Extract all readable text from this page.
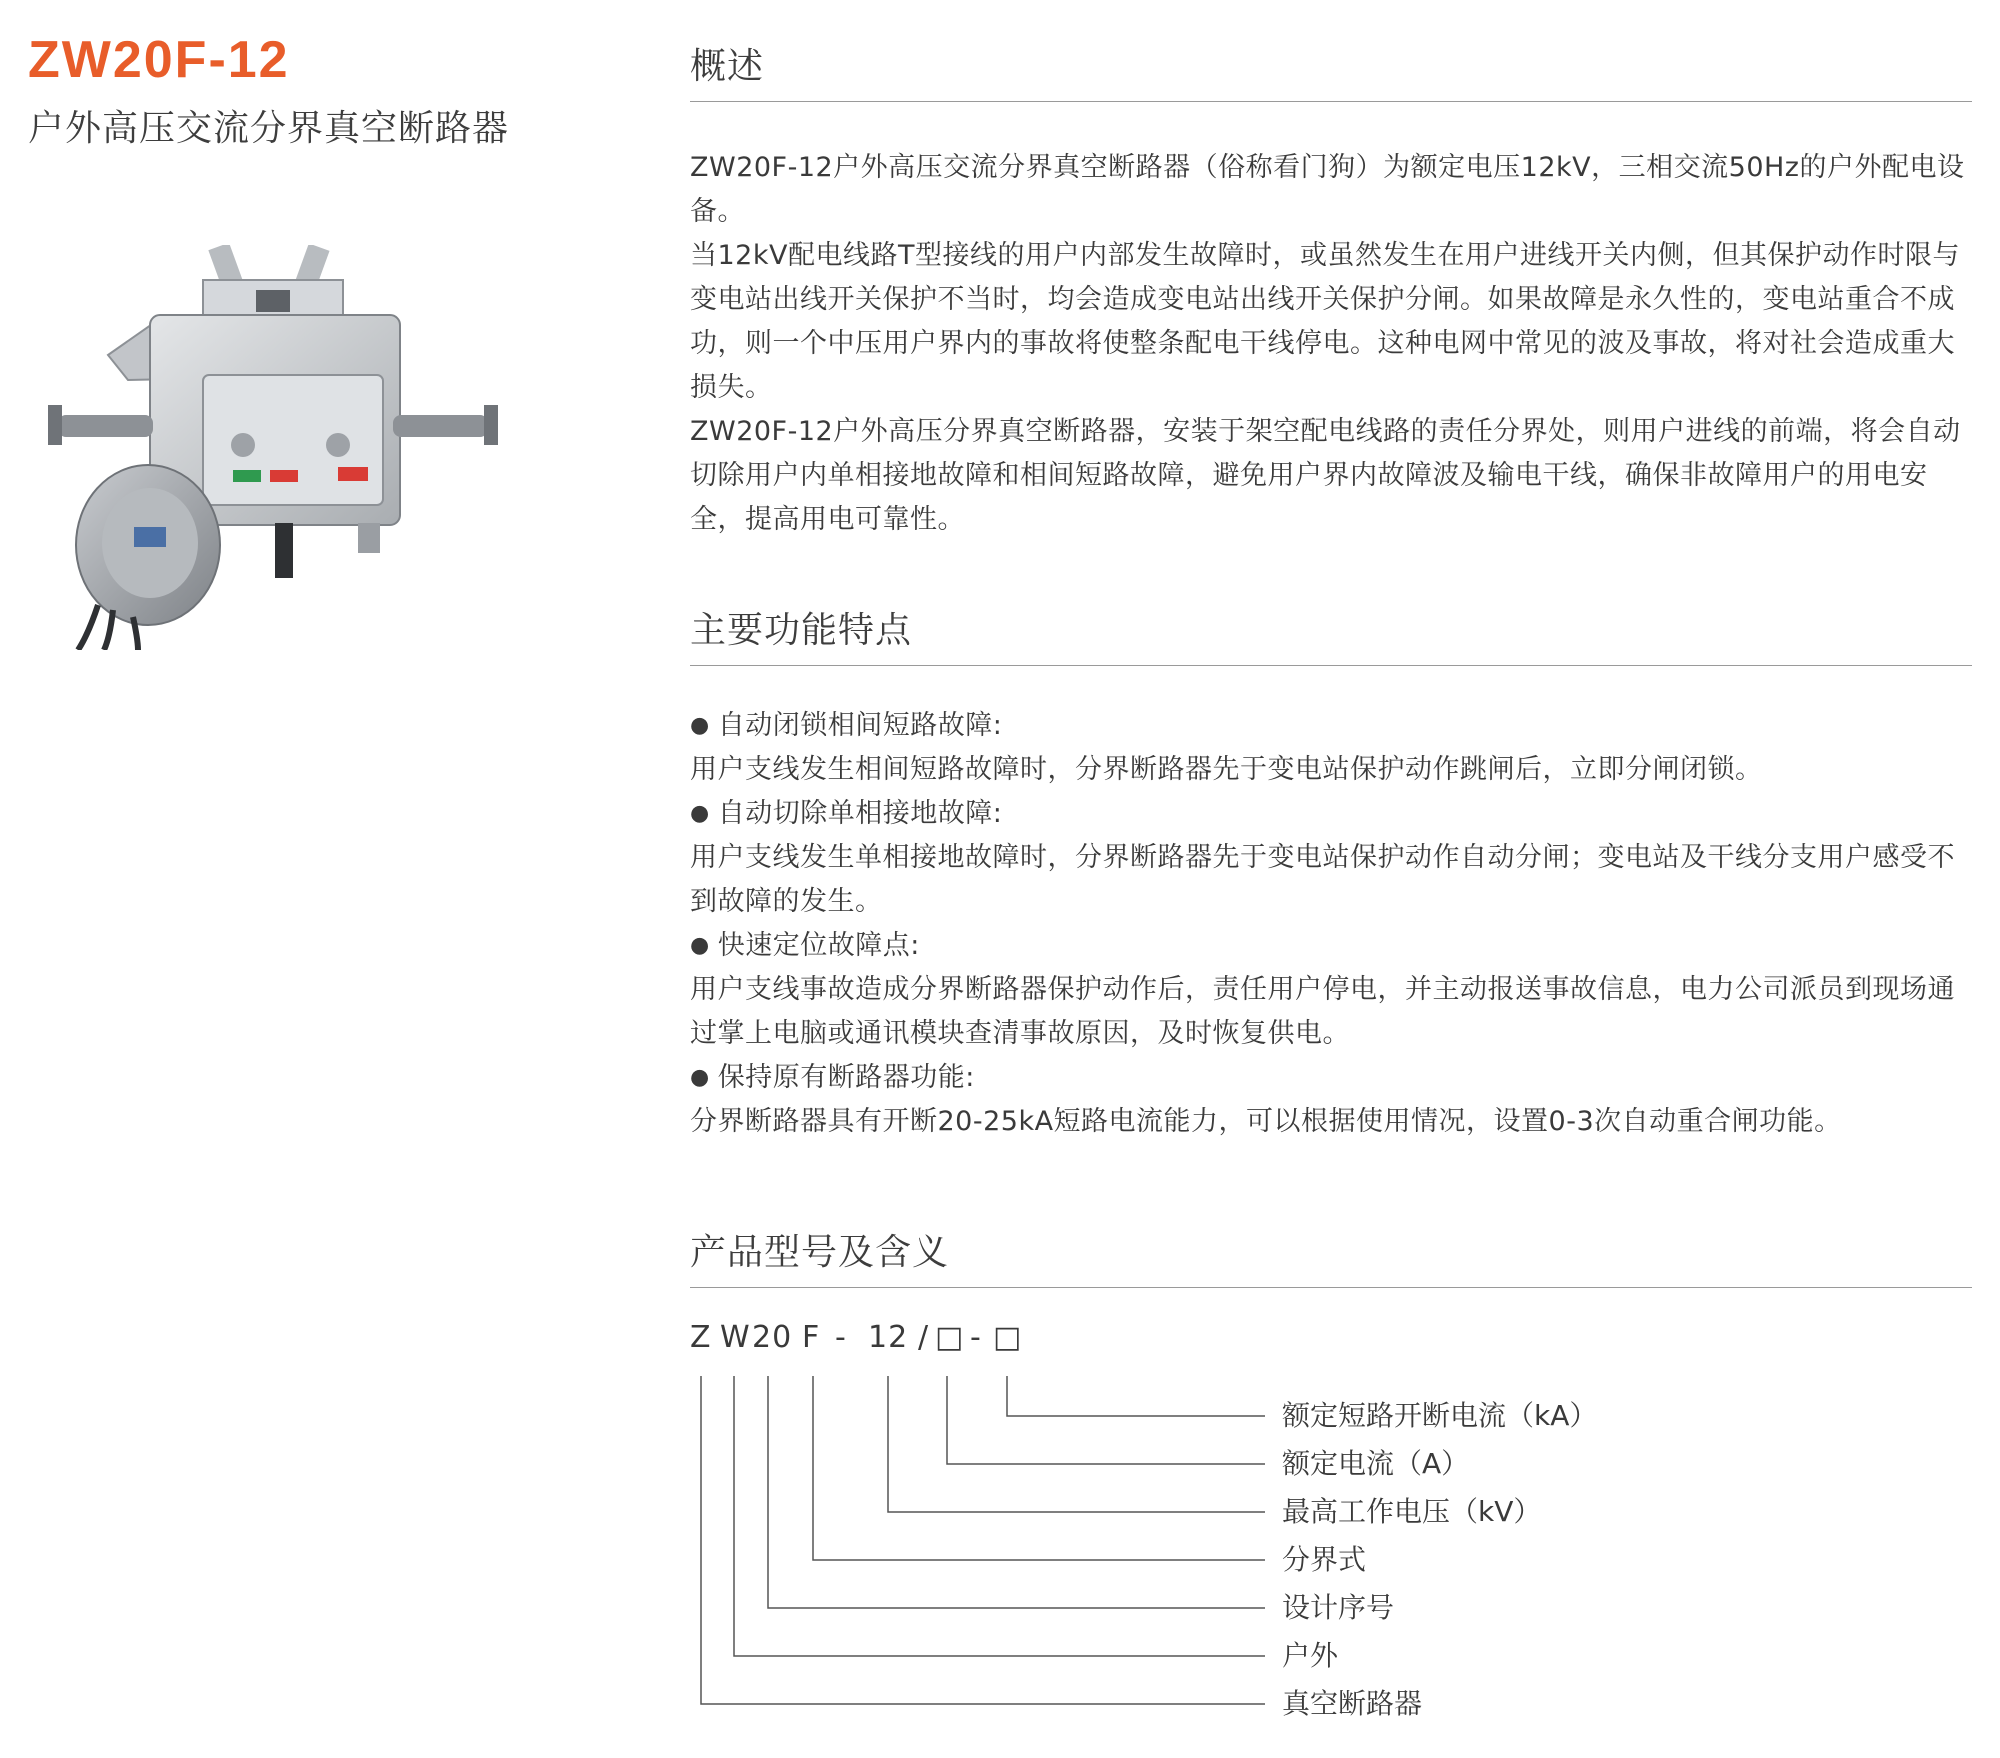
ZW20F-12
户外高压交流分界真空断路器
概述
ZW20F-12户外高压交流分界真空断路器（俗称看门狗）为额定电压12kV，三相交流50Hz的户外配电设备。
当12kV配电线路T型接线的用户内部发生故障时，或虽然发生在用户进线开关内侧，但其保护动作时限与变电站出线开关保护不当时，均会造成变电站出线开关保护分闸。如果故障是永久性的，变电站重合不成功，则一个中压用户界内的事故将使整条配电干线停电。这种电网中常见的波及事故，将对社会造成重大损失。
ZW20F-12户外高压分界真空断路器，安装于架空配电线路的责任分界处，则用户进线的前端，将会自动切除用户内单相接地故障和相间短路故障，避免用户界内故障波及输电干线，确保非故障用户的用电安全，提高用电可靠性。
主要功能特点
● 自动闭锁相间短路故障:
用户支线发生相间短路故障时，分界断路器先于变电站保护动作跳闸后，立即分闸闭锁。
● 自动切除单相接地故障:
用户支线发生单相接地故障时，分界断路器先于变电站保护动作自动分闸；变电站及干线分支用户感受不到故障的发生。
● 快速定位故障点:
用户支线事故造成分界断路器保护动作后，责任用户停电，并主动报送事故信息，电力公司派员到现场通过掌上电脑或通讯模块查清事故原因，及时恢复供电。
● 保持原有断路器功能:
分界断路器具有开断20-25kA短路电流能力，可以根据使用情况，设置0-3次自动重合闸功能。
产品型号及含义
Z W 20 F - 12 / □ - □
额定短路开断电流（kA）
额定电流（A）
最高工作电压（kV）
分界式
设计序号
户外
真空断路器
